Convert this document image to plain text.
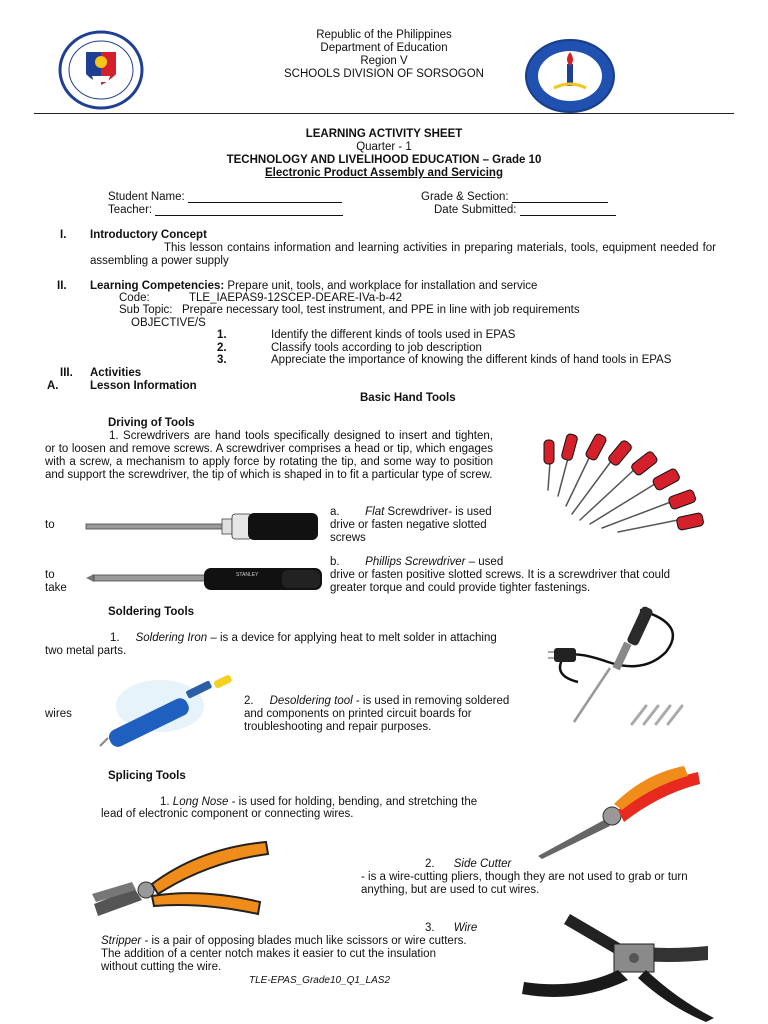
Republic of the Philippines
Department of Education
Region V
SCHOOLS DIVISION OF SORSOGON
LEARNING ACTIVITY SHEET
Quarter - 1
TECHNOLOGY AND LIVELIHOOD EDUCATION – Grade 10
Electronic Product Assembly and Servicing
Student Name:
Teacher:
Grade & Section:
Date Submitted:
I. Introductory Concept
This lesson contains information and learning activities in preparing materials, tools, equipment needed for assembling a power supply
II. Learning Competencies: Prepare unit, tools, and workplace for installation and service
Code:	TLE_IAEPAS9-12SCEP-DEARE-IVa-b-42
Sub Topic: Prepare necessary tool, test instrument, and PPE in line with job requirements
OBJECTIVE/S
1.	Identify the different kinds of tools used in EPAS
2.	Classify tools according to job description
3.	Appreciate the importance of knowing the different kinds of hand tools in EPAS
III. Activities
A.	Lesson Information
Basic Hand Tools
Driving of Tools
1. Screwdrivers are hand tools specifically designed to insert and tighten, or to loosen and remove screws. A screwdriver comprises a head or tip, which engages with a screw, a mechanism to apply force by rotating the tip, and some way to position and support the screwdriver, the tip of which is shaped in to fit a particular type of screw.
to
a. Flat Screwdriver- is used
drive or fasten negative slotted
screws
STANLEY
b. Phillips Screwdriver – used
to	drive or fasten positive slotted screws. It is a screwdriver that could
take	greater torque and could provide tighter fastenings.
Soldering Tools
1. Soldering Iron – is a device for applying heat to melt solder in attaching
two metal parts.
2. Desoldering tool - is used in removing soldered
wires	and components on printed circuit boards for
troubleshooting and repair purposes.
Splicing Tools
1. Long Nose - is used for holding, bending, and stretching the
lead of electronic component or connecting wires.
2. Side Cutter
- is a wire-cutting pliers, though they are not used to grab or turn
anything, but are used to cut wires.
3. Wire
Stripper - is a pair of opposing blades much like scissors or wire cutters.
The addition of a center notch makes it easier to cut the insulation
without cutting the wire.
TLE-EPAS_Grade10_Q1_LAS2
